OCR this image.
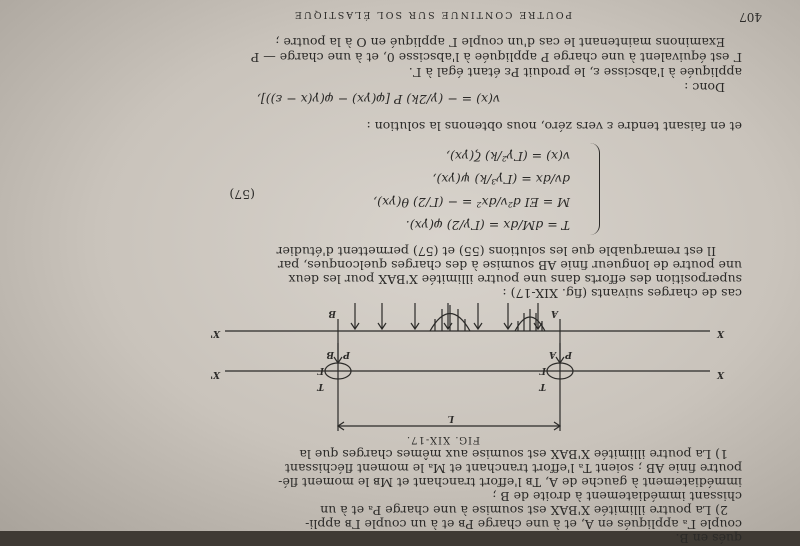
POUTRE CONTINUE SUR SOL ÉLASTIQUE	407
Examinons maintenant le cas d'un couple Γ appliqué en O à la poutre ;
Γ est équivalent à une charge P appliquée à l'abscisse 0, et à une charge — P
appliquée à l'abscisse ε, le produit Pε étant égal à Γ.
Donc :
v(x) = − (γ/2k) P [φ(γx) − φ(γ(x − ε))],
et en faisant tendre ε vers zéro, nous obtenons la solution :
(57)
v(x) = (Γγ²/k) ζ(γx),
dv/dx = (Γγ³/k) ψ(γx),
M = EI d²v/dx² = − (Γ/2) θ(γx),
T = dM/dx = (Γγ/2) φ(γx).
Il est remarquable que les solutions (55) et (57) permettent d'étudier
une poutre de longueur finie AB soumise à des charges quelconques, par
superposition des efforts dans une poutre illimitée X'BAX pour les deux
cas de charges suivants (fig. XIX-17) :
X
X
X'
X'
A
B
A
B	P
P
Γ
Γ
T
T
L
FIG. XIX-17.
1) La poutre illimitée X'BAX est soumise aux mêmes charges que la
poutre finie AB ; soient Tₐ l'effort tranchant et Mₐ le moment fléchissant
immédiatement à gauche de A, Tʙ l'effort tranchant et Mʙ le moment flé-
chissant immédiatement à droite de B ;
2) La poutre illimitée X'BAX est soumise à une charge Pₐ et à un
couple Γₐ appliqués en A, et à une charge Pʙ et à un couple Γʙ appli-
qués en B.
